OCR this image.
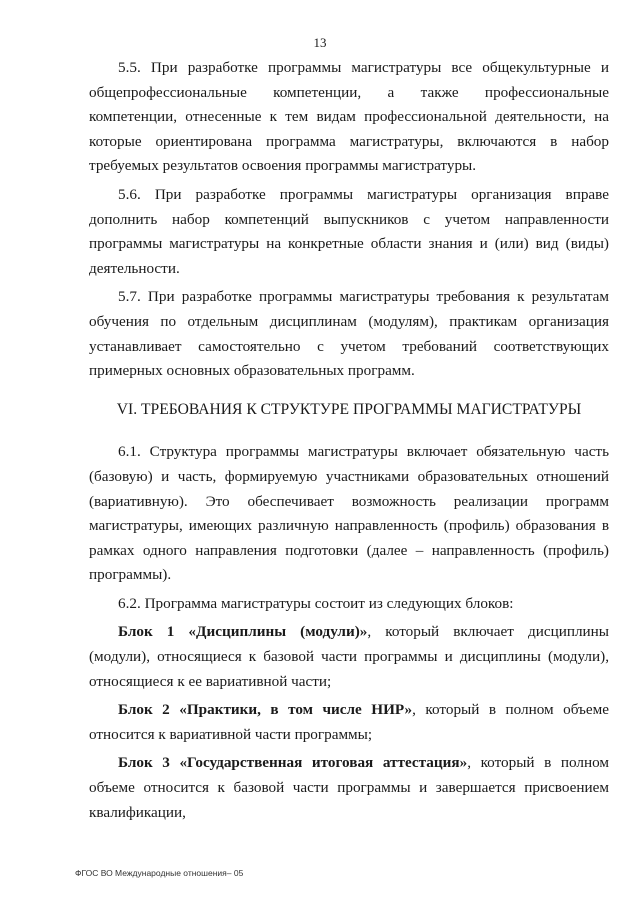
13

5.5. При разработке программы магистратуры все общекультурные и общепрофессиональные компетенции, а также профессиональные компетенции, отнесенные к тем видам профессиональной деятельности, на которые ориентирована программа магистратуры, включаются в набор требуемых результатов освоения программы магистратуры.

5.6. При разработке программы магистратуры организация вправе дополнить набор компетенций выпускников с учетом направленности программы магистратуры на конкретные области знания и (или) вид (виды) деятельности.

5.7. При разработке программы магистратуры требования к результатам обучения по отдельным дисциплинам (модулям), практикам организация устанавливает самостоятельно с учетом требований соответствующих примерных основных образовательных программ.

VI. ТРЕБОВАНИЯ К СТРУКТУРЕ ПРОГРАММЫ МАГИСТРАТУРЫ

6.1. Структура программы магистратуры включает обязательную часть (базовую) и часть, формируемую участниками образовательных отношений (вариативную). Это обеспечивает возможность реализации программ магистратуры, имеющих различную направленность (профиль) образования в рамках одного направления подготовки (далее – направленность (профиль) программы).

6.2. Программа магистратуры состоит из следующих блоков:

Блок 1 «Дисциплины (модули)», который включает дисциплины (модули), относящиеся к базовой части программы и дисциплины (модули), относящиеся к ее вариативной части;

Блок 2 «Практики, в том числе НИР», который в полном объеме относится к вариативной части программы;

Блок 3 «Государственная итоговая аттестация», который в полном объеме относится к базовой части программы и завершается присвоением квалификации,

ФГОС ВО Международные отношения– 05
